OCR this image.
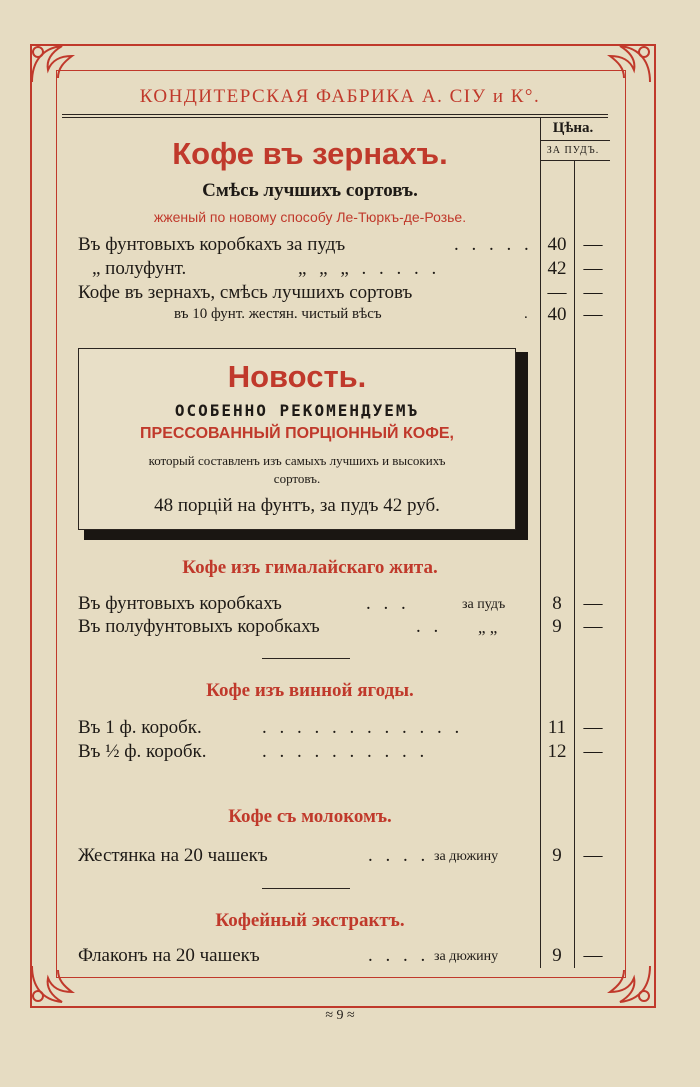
КОНДИТЕРСКАЯ ФАБРИКА А. СІУ и К°.
Цѣна.
ЗА ПУДЪ.
Кофе въ зернахъ.
Смѣсь лучшихъ сортовъ.
жженый по новому способу Ле-Тюркъ-де-Розье.
Въ фунтовыхъ коробкахъ за пудъ	. . . . . 40 —
„ полуфунт.	„ „ „ . . . . .	42 —
Кофе въ зернахъ, смѣсь лучшихъ сортовъ	— —
въ 10 фунт. жестян. чистый вѣсъ	. 40 —
Новость.
ОСОБЕННО РЕКОМЕНДУЕМЪ
ПРЕССОВАННЫЙ ПОРЦІОННЫЙ КОФЕ,
который составленъ изъ самыхъ лучшихъ и высокихъ
сортовъ.
48 порцій на фунтъ, за пудъ 42 руб.
Кофе изъ гималайскаго жита.
Въ фунтовыхъ коробкахъ	. . .	за пудъ	8	—
Въ полуфунтовыхъ коробкахъ	. . „ „	9	—
Кофе изъ винной ягоды.
Въ 1 ф. коробк.	. . . . . . . . . . . .	11 —
Въ ½ ф. коробк.	. . . . . . . . . .	12 —
Кофе съ молокомъ.
Жестянка на 20 чашекъ	. . . . за дюжину	9	—
Кофейный экстрактъ.
Флаконъ на 20 чашекъ	. . . . за дюжину	9	—
≈ 9 ≈
